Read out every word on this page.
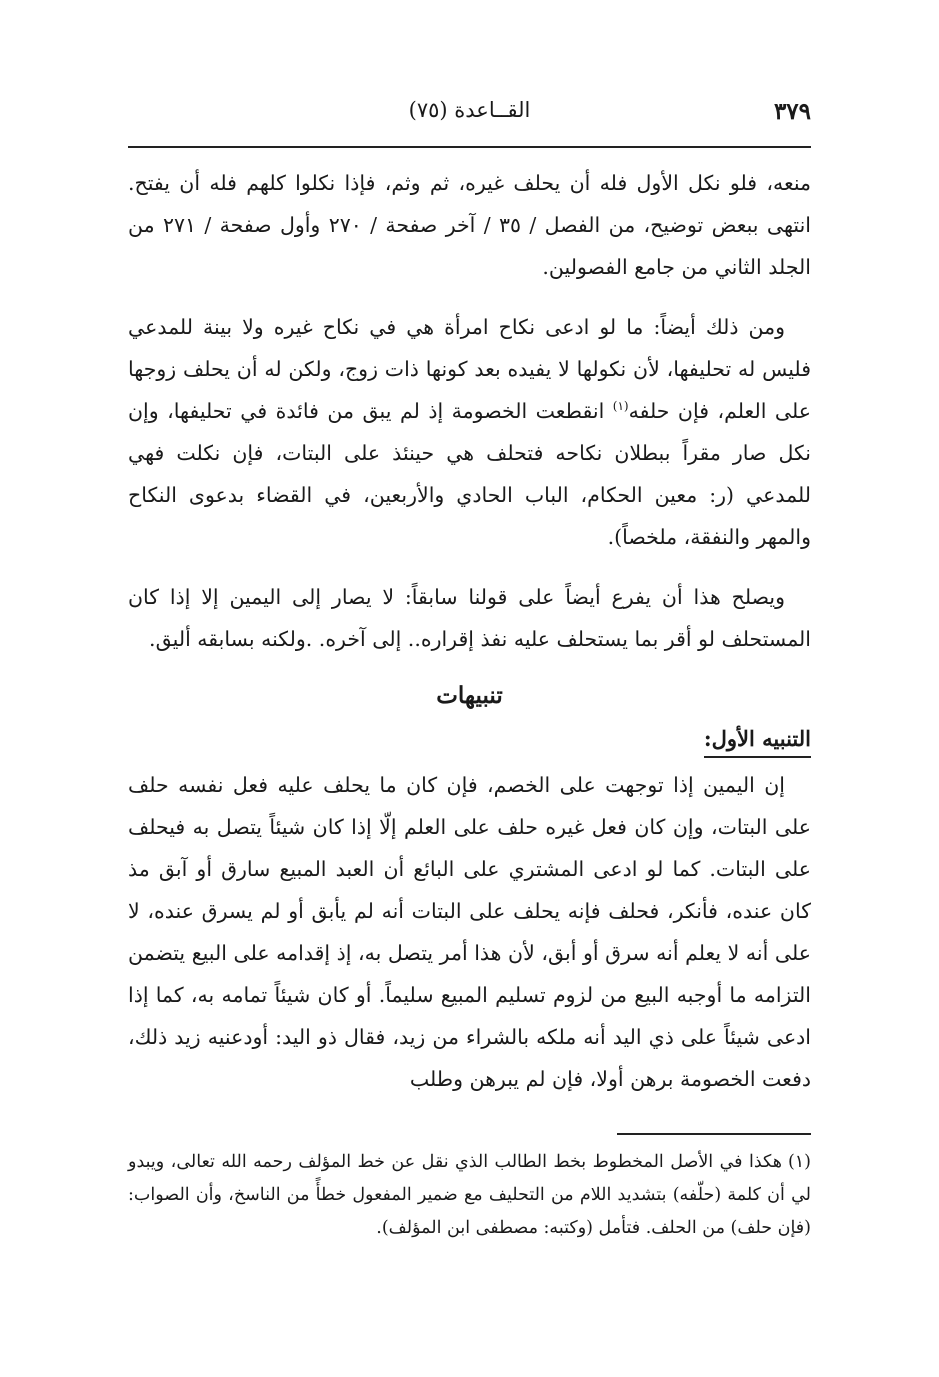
٣٧٩
القــاعدة (٧٥)

منعه، فلو نكل الأول فله أن يحلف غيره، ثم وثم، فإذا نكلوا كلهم فله أن يفتح. انتهى ببعض توضيح، من الفصل / ٣٥ / آخر صفحة / ٢٧٠ وأول صفحة / ٢٧١ من الجلد الثاني من جامع الفصولين.

ومن ذلك أيضاً: ما لو ادعى نكاح امرأة هي في نكاح غيره ولا بينة للمدعي فليس له تحليفها، لأن نكولها لا يفيده بعد كونها ذات زوج، ولكن له أن يحلف زوجها على العلم، فإن حلفه$^{(١)}$ انقطعت الخصومة إذ لم يبق من فائدة في تحليفها، وإن نكل صار مقراً ببطلان نكاحه فتحلف هي حينئذ على البتات، فإن نكلت فهي للمدعي (ر: معين الحكام، الباب الحادي والأربعين، في القضاء بدعوى النكاح والمهر والنفقة، ملخصاً).

ويصلح هذا أن يفرع أيضاً على قولنا سابقاً: لا يصار إلى اليمين إلا إذا كان المستحلف لو أقر بما يستحلف عليه نفذ إقراره.. إلى آخره. .ولكنه بسابقه أليق.

تنبيهات
التنبيه الأول:

إن اليمين إذا توجهت على الخصم، فإن كان ما يحلف عليه فعل نفسه حلف على البتات، وإن كان فعل غيره حلف على العلم إلّا إذا كان شيئاً يتصل به فيحلف على البتات. كما لو ادعى المشتري على البائع أن العبد المبيع سارق أو آبق مذ كان عنده، فأنكر، فحلف فإنه يحلف على البتات أنه لم يأبق أو لم يسرق عنده، لا على أنه لا يعلم أنه سرق أو أبق، لأن هذا أمر يتصل به، إذ إقدامه على البيع يتضمن التزامه ما أوجبه البيع من لزوم تسليم المبيع سليماً. أو كان شيئاً تمامه به، كما إذا ادعى شيئاً على ذي اليد أنه ملكه بالشراء من زيد، فقال ذو اليد: أودعنيه زيد ذلك، دفعت الخصومة برهن أولا، فإن لم يبرهن وطلب

(١)هكذا في الأصل المخطوط بخط الطالب الذي نقل عن خط المؤلف رحمه الله تعالى، ويبدو لي أن كلمة (حلّفه) بتشديد اللام من التحليف مع ضمير المفعول خطأً من الناسخ، وأن الصواب: (فإن حلف) من الحلف. فتأمل (وكتبه: مصطفى ابن المؤلف).
